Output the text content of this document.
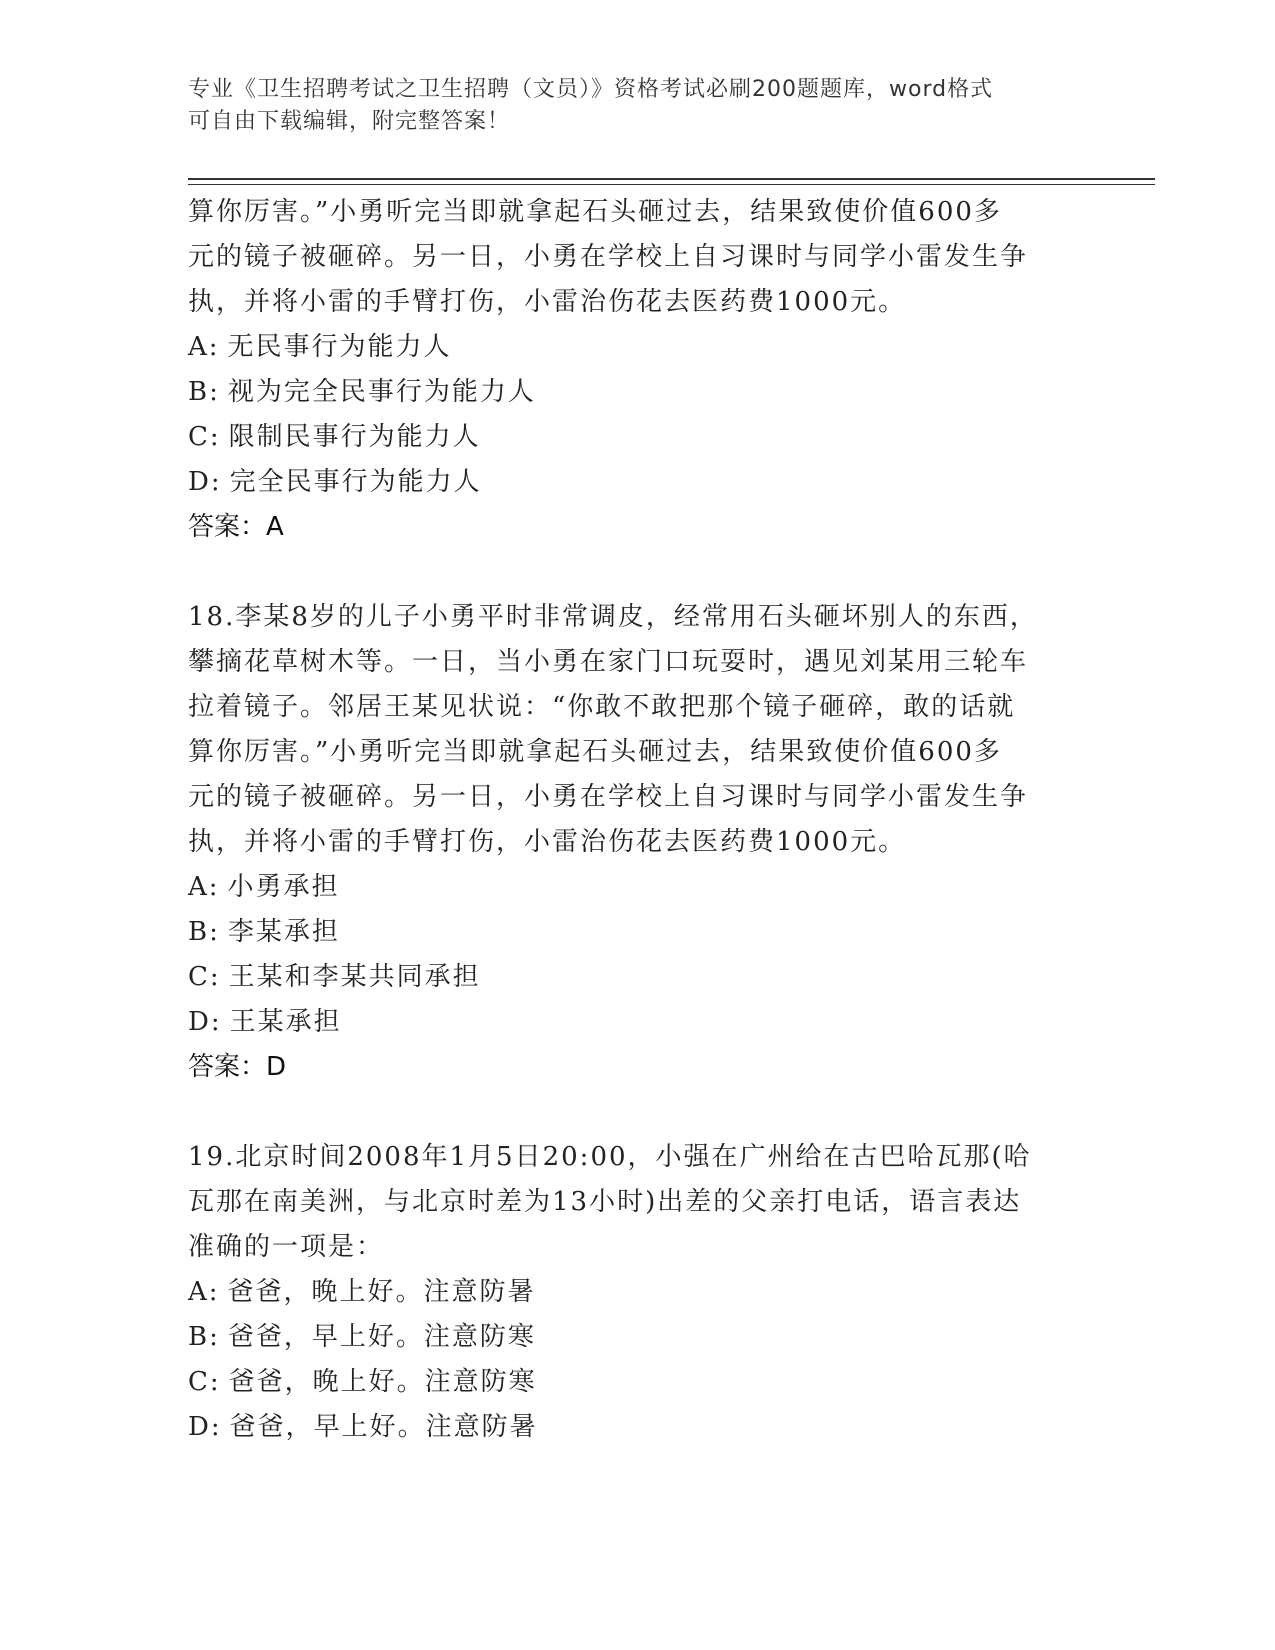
专业《卫生招聘考试之卫生招聘（文员）》资格考试必刷200题题库，word格式
可自由下载编辑，附完整答案！
算你厉害。”小勇听完当即就拿起石头砸过去，结果致使价值600多
元的镜子被砸碎。另一日，小勇在学校上自习课时与同学小雷发生争
执，并将小雷的手臂打伤，小雷治伤花去医药费1000元。
A: 无民事行为能力人
B: 视为完全民事行为能力人
C: 限制民事行为能力人
D: 完全民事行为能力人
答案：A
18.李某8岁的儿子小勇平时非常调皮，经常用石头砸坏别人的东西，
攀摘花草树木等。一日，当小勇在家门口玩耍时，遇见刘某用三轮车
拉着镜子。邻居王某见状说：“你敢不敢把那个镜子砸碎，敢的话就
算你厉害。”小勇听完当即就拿起石头砸过去，结果致使价值600多
元的镜子被砸碎。另一日，小勇在学校上自习课时与同学小雷发生争
执，并将小雷的手臂打伤，小雷治伤花去医药费1000元。
A: 小勇承担
B: 李某承担
C: 王某和李某共同承担
D: 王某承担
答案：D
19.北京时间2008年1月5日20:00，小强在广州给在古巴哈瓦那(哈
瓦那在南美洲，与北京时差为13小时)出差的父亲打电话，语言表达
准确的一项是：
A: 爸爸，晚上好。注意防暑
B: 爸爸，早上好。注意防寒
C: 爸爸，晚上好。注意防寒
D: 爸爸，早上好。注意防暑
